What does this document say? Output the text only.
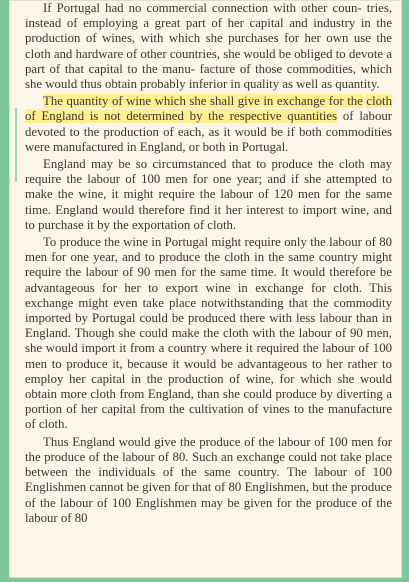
If Portugal had no commercial connection with other coun- tries, instead of employing a great part of her capital and industry in the production of wines, with which she purchases for her own use the cloth and hardware of other countries, she would be obliged to devote a part of that capital to the manu- facture of those commodities, which she would thus obtain probably inferior in quality as well as quantity.

The quantity of wine which she shall give in exchange for the cloth of England is not determined by the respective quantities of labour devoted to the production of each, as it would be if both commodities were manufactured in England, or both in Portugal.

England may be so circumstanced that to produce the cloth may require the labour of 100 men for one year; and if she attempted to make the wine, it might require the labour of 120 men for the same time. England would therefore find it her interest to import wine, and to purchase it by the exportation of cloth.

To produce the wine in Portugal might require only the labour of 80 men for one year, and to produce the cloth in the same country might require the labour of 90 men for the same time. It would therefore be advantageous for her to export wine in exchange for cloth. This exchange might even take place notwithstanding that the commodity imported by Portugal could be produced there with less labour than in England. Though she could make the cloth with the labour of 90 men, she would import it from a country where it required the labour of 100 men to produce it, because it would be advantageous to her rather to employ her capital in the production of wine, for which she would obtain more cloth from England, than she could produce by diverting a portion of her capital from the cultivation of vines to the manufacture of cloth.

Thus England would give the produce of the labour of 100 men for the produce of the labour of 80. Such an exchange could not take place between the individuals of the same country. The labour of 100 Englishmen cannot be given for that of 80 Englishmen, but the produce of the labour of 100 Englishmen may be given for the produce of the labour of 80
